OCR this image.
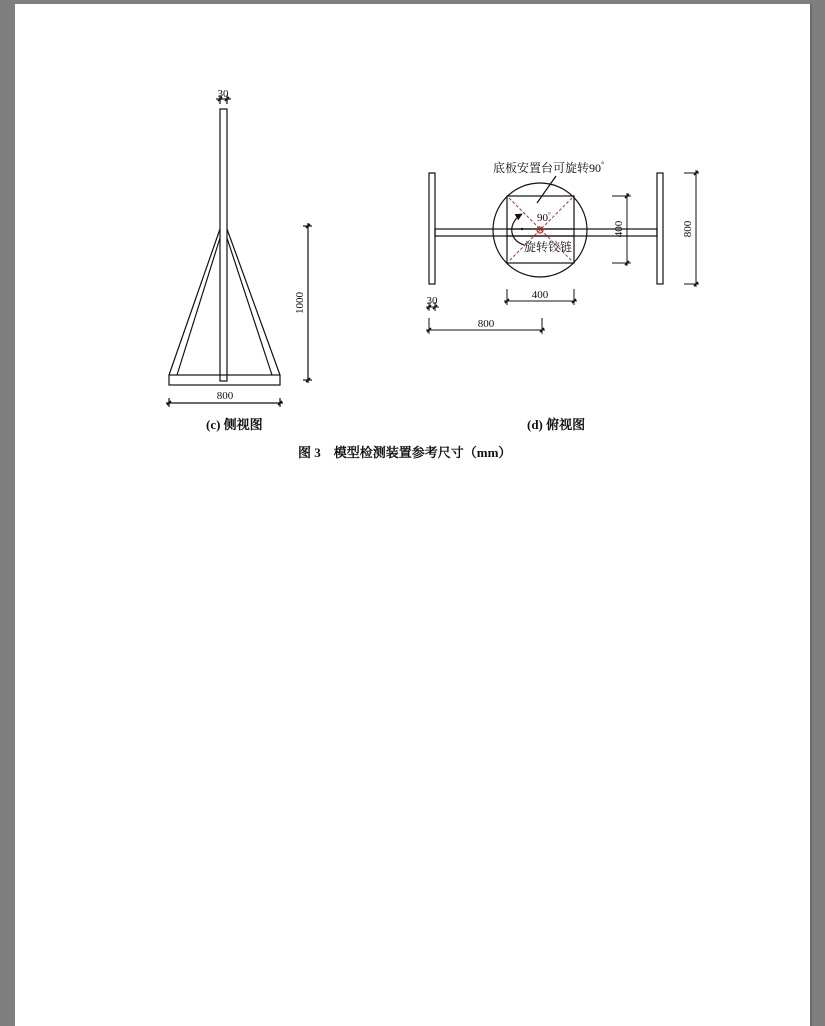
30
800
1000
底板安置台可旋转90°
90°
旋转铰链
400	800
400
30
800
(c) 侧视图	(d) 俯视图
图 3　模型检测装置参考尺寸（mm）
